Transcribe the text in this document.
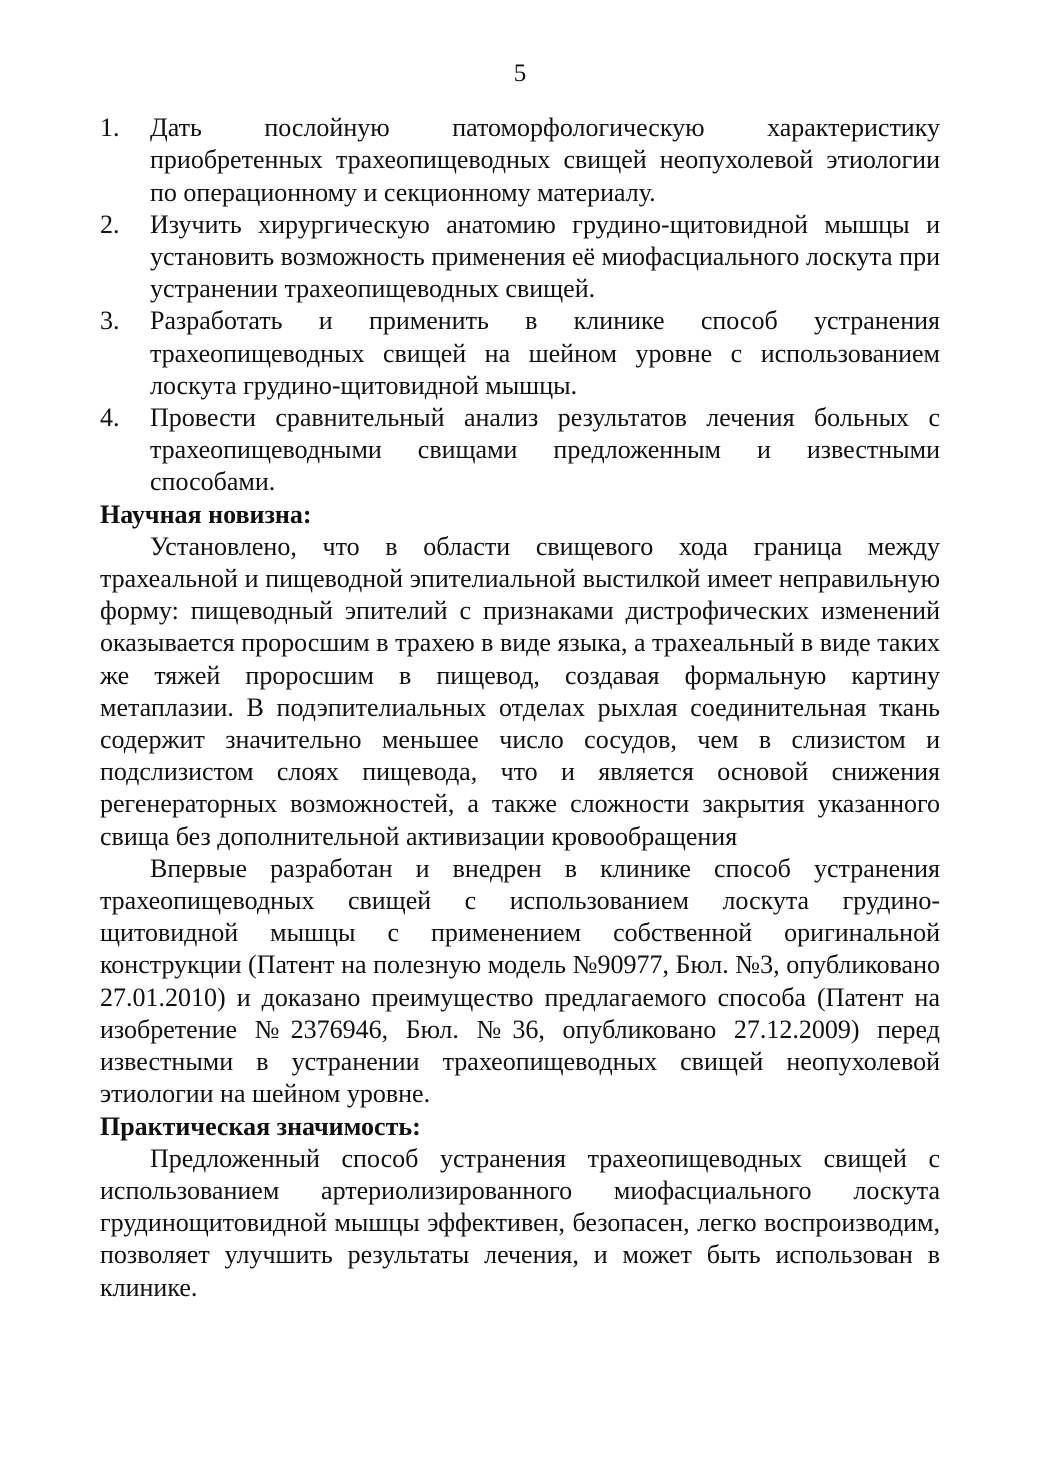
5
1. Дать послойную патоморфологическую характеристику приобретенных трахеопищеводных свищей неопухолевой этиологии по операционному и секционному материалу.
2. Изучить хирургическую анатомию грудино-щитовидной мышцы и установить возможность применения её миофасциального лоскута при устранении трахеопищеводных свищей.
3. Разработать и применить в клинике способ устранения трахеопищеводных свищей на шейном уровне с использованием лоскута грудино-щитовидной мышцы.
4. Провести сравнительный анализ результатов лечения больных с трахеопищеводными свищами предложенным и известными способами.
Научная новизна:

Установлено, что в области свищевого хода граница между трахеальной и пищеводной эпителиальной выстилкой имеет неправильную форму: пищеводный эпителий с признаками дистрофических изменений оказывается проросшим в трахею в виде языка, а трахеальный в виде таких же тяжей проросшим в пищевод, создавая формальную картину метаплазии. В подэпителиальных отделах рыхлая соединительная ткань содержит значительно меньшее число сосудов, чем в слизистом и подслизистом слоях пищевода, что и является основой снижения регенераторных возможностей, а также сложности закрытия указанного свища без дополнительной активизации кровообращения

Впервые разработан и внедрен в клинике способ устранения трахеопищеводных свищей с использованием лоскута грудино-щитовидной мышцы с применением собственной оригинальной конструкции (Патент на полезную модель №90977, Бюл. №3, опубликовано 27.01.2010) и доказано преимущество предлагаемого способа (Патент на изобретение №2376946, Бюл. №36, опубликовано 27.12.2009) перед известными в устранении трахеопищеводных свищей неопухолевой этиологии на шейном уровне.

Практическая значимость:

Предложенный способ устранения трахеопищеводных свищей с использованием артериолизированного миофасциального лоскута грудинощитовидной мышцы эффективен, безопасен, легко воспроизводим, позволяет улучшить результаты лечения, и может быть использован в клинике.
